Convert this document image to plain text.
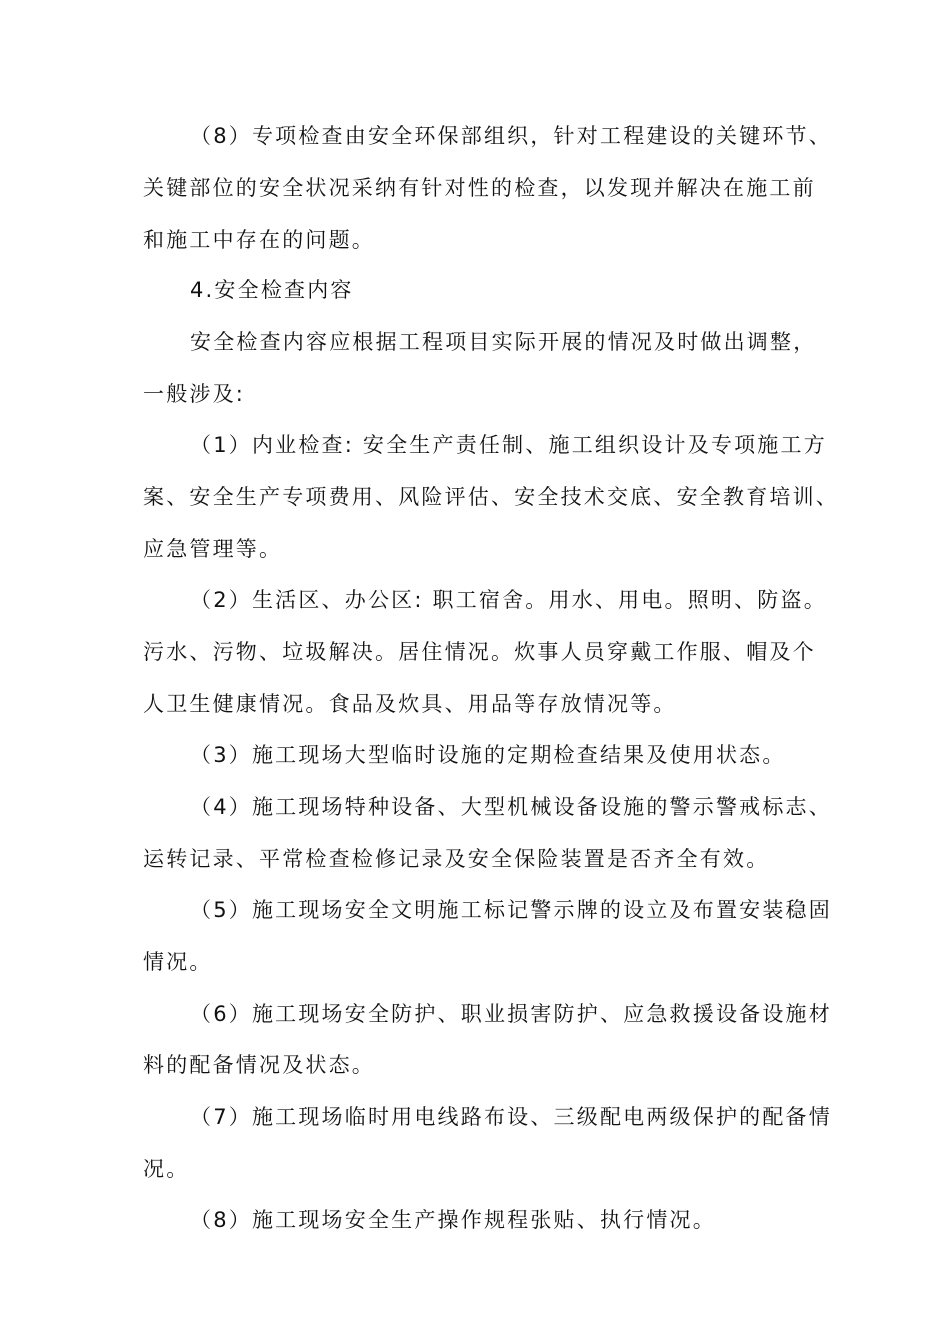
（8）专项检查由安全环保部组织，针对工程建设的关键环节、
关键部位的安全状况采纳有针对性的检查，以发现并解决在施工前
和施工中存在的问题。
4.安全检查内容
安全检查内容应根据工程项目实际开展的情况及时做出调整，
一般涉及:
（1）内业检查: 安全生产责任制、施工组织设计及专项施工方
案、安全生产专项费用、风险评估、安全技术交底、安全教育培训、
应急管理等。
（2）生活区、办公区: 职工宿舍。用水、用电。照明、防盗。
污水、污物、垃圾解决。居住情况。炊事人员穿戴工作服、帽及个
人卫生健康情况。食品及炊具、用品等存放情况等。
（3）施工现场大型临时设施的定期检查结果及使用状态。
（4）施工现场特种设备、大型机械设备设施的警示警戒标志、
运转记录、平常检查检修记录及安全保险装置是否齐全有效。
（5）施工现场安全文明施工标记警示牌的设立及布置安装稳固
情况。
（6）施工现场安全防护、职业损害防护、应急救援设备设施材
料的配备情况及状态。
（7）施工现场临时用电线路布设、三级配电两级保护的配备情
况。
（8）施工现场安全生产操作规程张贴、执行情况。
